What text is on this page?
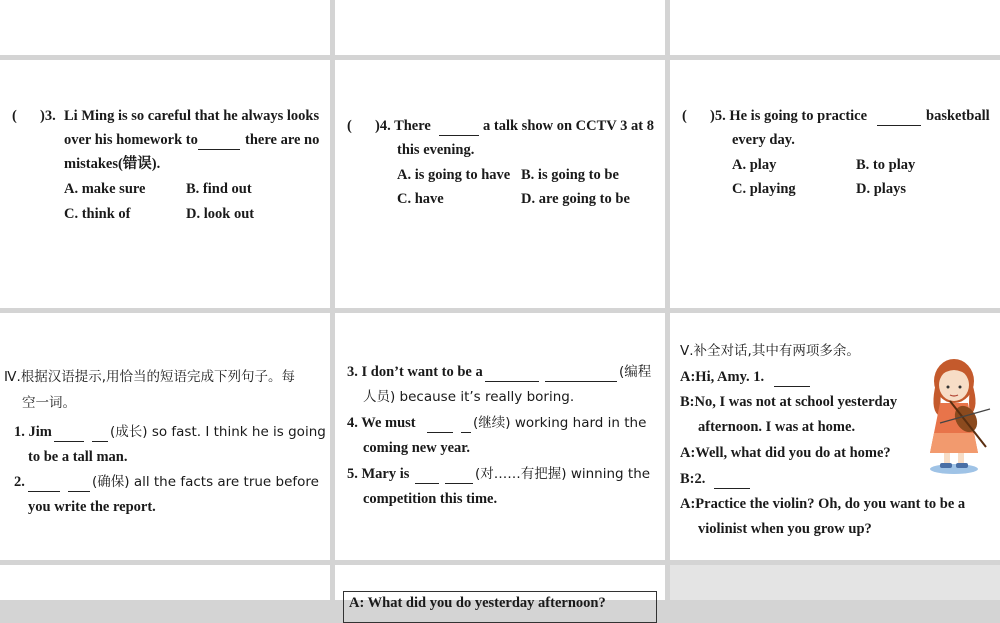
( )3. Li Ming is so careful that he always looks
over his homework to	there are no
mistakes(错误).
A. make sure	B. find out
C. think of	D. look out
( )4. There	a talk show on CCTV 3 at 8
this evening.
A. is going to have B. is going to be
C. have	D. are going to be
( )5. He is going to practice	basketball
every day.
A. play	B. to play
C. playing	D. plays
Ⅳ.根据汉语提示,用恰当的短语完成下列句子。每
空一词。
1. Jim	(成长) so fast. I think he is going
to be a tall man.
2.	(确保) all the facts are true before
you write the report.
3. I don’t want to be a	(编程
人员) because it’s really boring.
4. We must	(继续) working hard in the
coming new year.
5. Mary is	(对……有把握) winning the
competition this time.
Ⅴ.补全对话,其中有两项多余。
A:Hi, Amy. 1.
B:No, I was not at school yesterday
afternoon. I was at home.
A:Well, what did you do at home?
B:2.
A:Practice the violin? Oh, do you want to be a
violinist when you grow up?
A: What did you do yesterday afternoon?
